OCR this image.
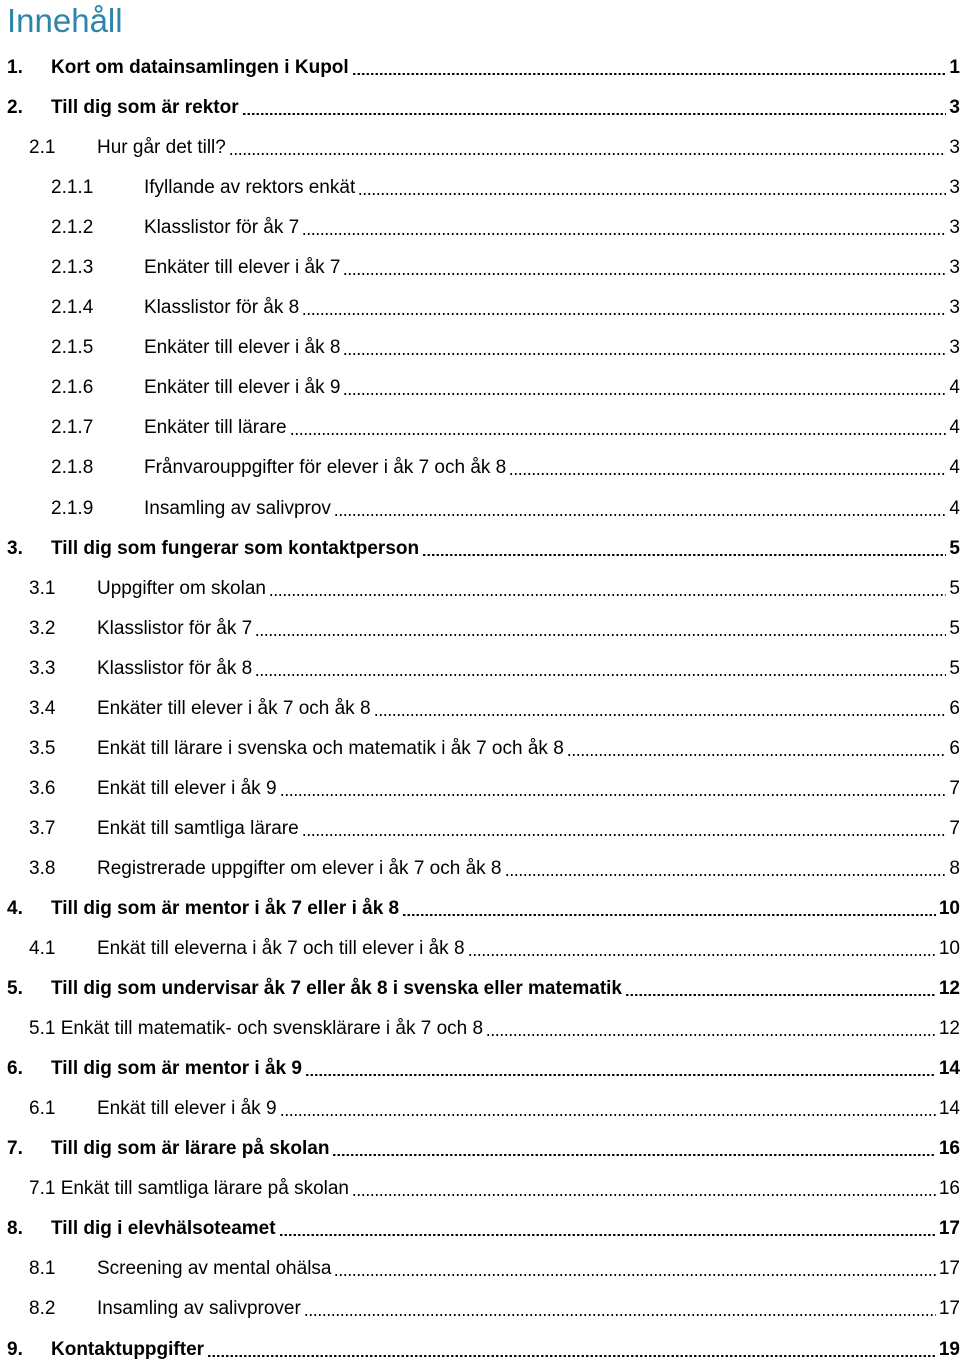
Innehåll
1. Kort om datainsamlingen i Kupol	1
2. Till dig som är rektor	3
2.1 Hur går det till?	3
2.1.1	Ifyllande av rektors enkät	3
2.1.2	Klasslistor för åk 7	3
2.1.3	Enkäter till elever i åk 7	3
2.1.4	Klasslistor för åk 8	3
2.1.5	Enkäter till elever i åk 8	3
2.1.6	Enkäter till elever i åk 9	4
2.1.7	Enkäter till lärare	4
2.1.8	Frånvarouppgifter för elever i åk 7 och åk 8	4
2.1.9	Insamling av salivprov	4
3. Till dig som fungerar som kontaktperson	5
3.1 Uppgifter om skolan	5
3.2 Klasslistor för åk 7	5
3.3 Klasslistor för åk 8	5
3.4 Enkäter till elever i åk 7 och åk 8	6
3.5 Enkät till lärare i svenska och matematik i åk 7 och åk 8	6
3.6 Enkät till elever i åk 9	7
3.7 Enkät till samtliga lärare	7
3.8 Registrerade uppgifter om elever i åk 7 och åk 8	8
4. Till dig som är mentor i åk 7 eller i åk 8	10
4.1 Enkät till eleverna i åk 7 och till elever i åk 8	10
5. Till dig som undervisar åk 7 eller åk 8 i svenska eller matematik	12
5.1 Enkät till matematik- och svensklärare i åk 7 och 8	12
6. Till dig som är mentor i åk 9	14
6.1 Enkät till elever i åk 9	14
7. Till dig som är lärare på skolan	16
7.1 Enkät till samtliga lärare på skolan	16
8. Till dig i elevhälsoteamet	17
8.1 Screening av mental ohälsa	17
8.2 Insamling av salivprover	17
9. Kontaktuppgifter	19
